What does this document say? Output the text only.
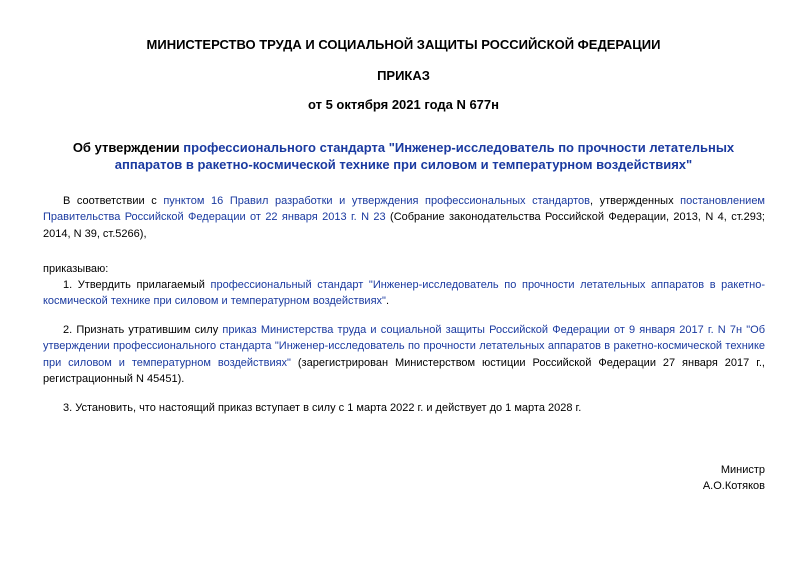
МИНИСТЕРСТВО ТРУДА И СОЦИАЛЬНОЙ ЗАЩИТЫ РОССИЙСКОЙ ФЕДЕРАЦИИ
ПРИКАЗ
от 5 октября 2021 года N 677н
Об утверждении профессионального стандарта "Инженер-исследователь по прочности летательных аппаратов в ракетно-космической технике при силовом и температурном воздействиях"
В соответствии с пунктом 16 Правил разработки и утверждения профессиональных стандартов, утвержденных постановлением Правительства Российской Федерации от 22 января 2013 г. N 23 (Собрание законодательства Российской Федерации, 2013, N 4, ст.293; 2014, N 39, ст.5266),
приказываю:
1. Утвердить прилагаемый профессиональный стандарт "Инженер-исследователь по прочности летательных аппаратов в ракетно-космической технике при силовом и температурном воздействиях".
2. Признать утратившим силу приказ Министерства труда и социальной защиты Российской Федерации от 9 января 2017 г. N 7н "Об утверждении профессионального стандарта "Инженер-исследователь по прочности летательных аппаратов в ракетно-космической технике при силовом и температурном воздействиях" (зарегистрирован Министерством юстиции Российской Федерации 27 января 2017 г., регистрационный N 45451).
3. Установить, что настоящий приказ вступает в силу с 1 марта 2022 г. и действует до 1 марта 2028 г.
Министр
А.О.Котяков
